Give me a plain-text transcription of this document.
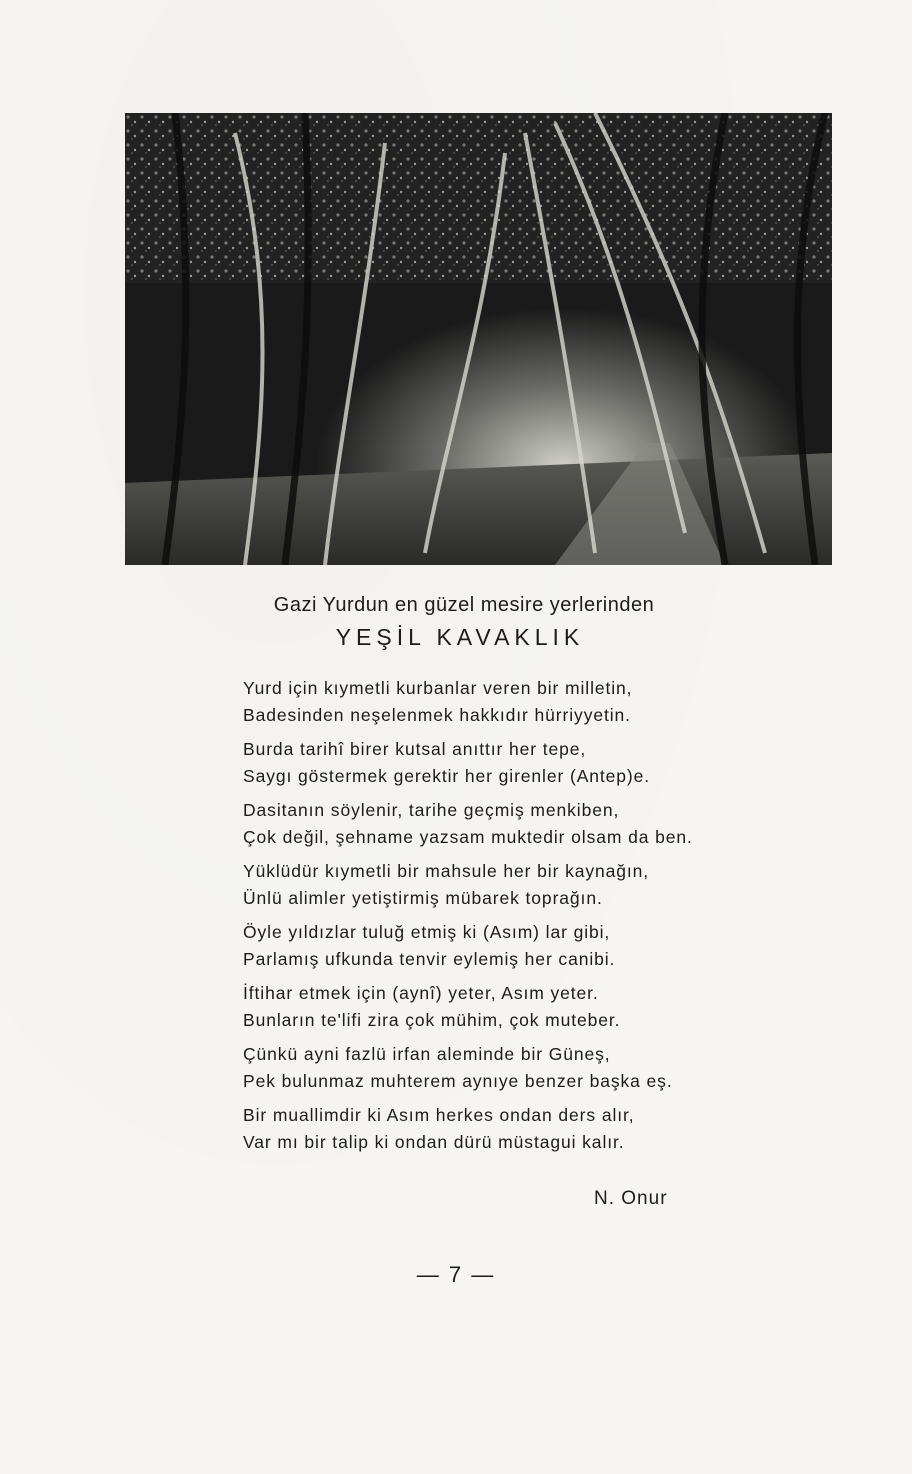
Gazi Yurdun en güzel mesire yerlerinden
YEŞİL KAVAKLIK
Yurd için kıymetli kurbanlar veren bir milletin,
Badesinden neşelenmek hakkıdır hürriyyetin.
Burda tarihî birer kutsal anıttır her tepe,
Saygı göstermek gerektir her girenler (Antep)e.
Dasitanın söylenir, tarihe geçmiş menkiben,
Çok değil, şehname yazsam muktedir olsam da ben.
Yüklüdür kıymetli bir mahsule her bir kaynağın,
Ünlü alimler yetiştirmiş mübarek toprağın.
Öyle yıldızlar tuluğ etmiş ki (Asım) lar gibi,
Parlamış ufkunda tenvir eylemiş her canibi.
İftihar etmek için (aynî) yeter, Asım yeter.
Bunların te'lifi zira çok mühim, çok muteber.
Çünkü ayni fazlü irfan aleminde bir Güneş,
Pek bulunmaz muhterem aynıye benzer başka eş.
Bir muallimdir ki Asım herkes ondan ders alır,
Var mı bir talip ki ondan dürü müstagui kalır.
N. Onur
— 7 —
